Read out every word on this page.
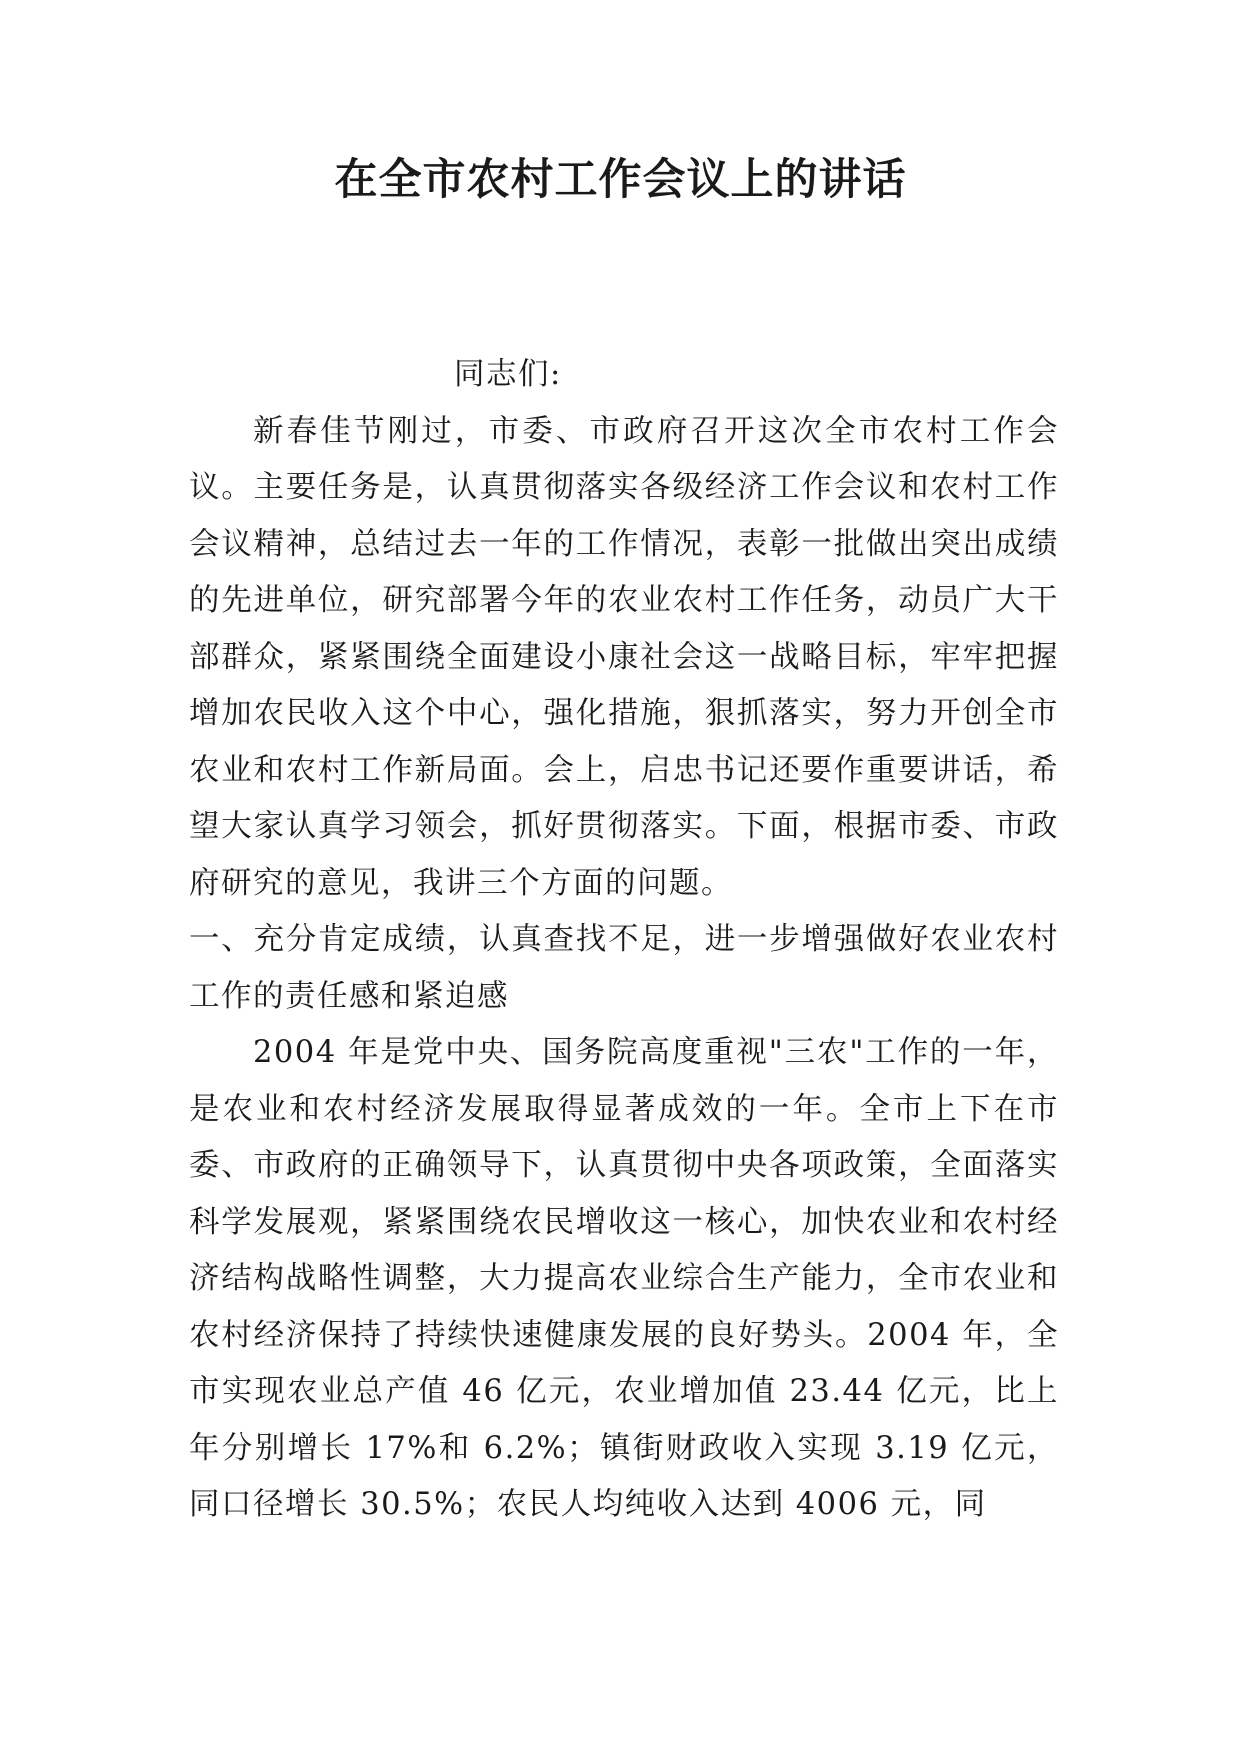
在全市农村工作会议上的讲话

同志们:

新春佳节刚过，市委、市政府召开这次全市农村工作会议。主要任务是，认真贯彻落实各级经济工作会议和农村工作会议精神，总结过去一年的工作情况，表彰一批做出突出成绩的先进单位，研究部署今年的农业农村工作任务，动员广大干部群众，紧紧围绕全面建设小康社会这一战略目标，牢牢把握增加农民收入这个中心，强化措施，狠抓落实，努力开创全市农业和农村工作新局面。会上，启忠书记还要作重要讲话，希望大家认真学习领会，抓好贯彻落实。下面，根据市委、市政府研究的意见，我讲三个方面的问题。

一、充分肯定成绩，认真查找不足，进一步增强做好农业农村工作的责任感和紧迫感

2004 年是党中央、国务院高度重视"三农"工作的一年，是农业和农村经济发展取得显著成效的一年。全市上下在市委、市政府的正确领导下，认真贯彻中央各项政策，全面落实科学发展观，紧紧围绕农民增收这一核心，加快农业和农村经济结构战略性调整，大力提高农业综合生产能力，全市农业和农村经济保持了持续快速健康发展的良好势头。2004 年，全市实现农业总产值 46 亿元，农业增加值 23.44 亿元，比上年分别增长 17%和 6.2%；镇街财政收入实现 3.19 亿元，同口径增长 30.5%；农民人均纯收入达到 4006 元，同
